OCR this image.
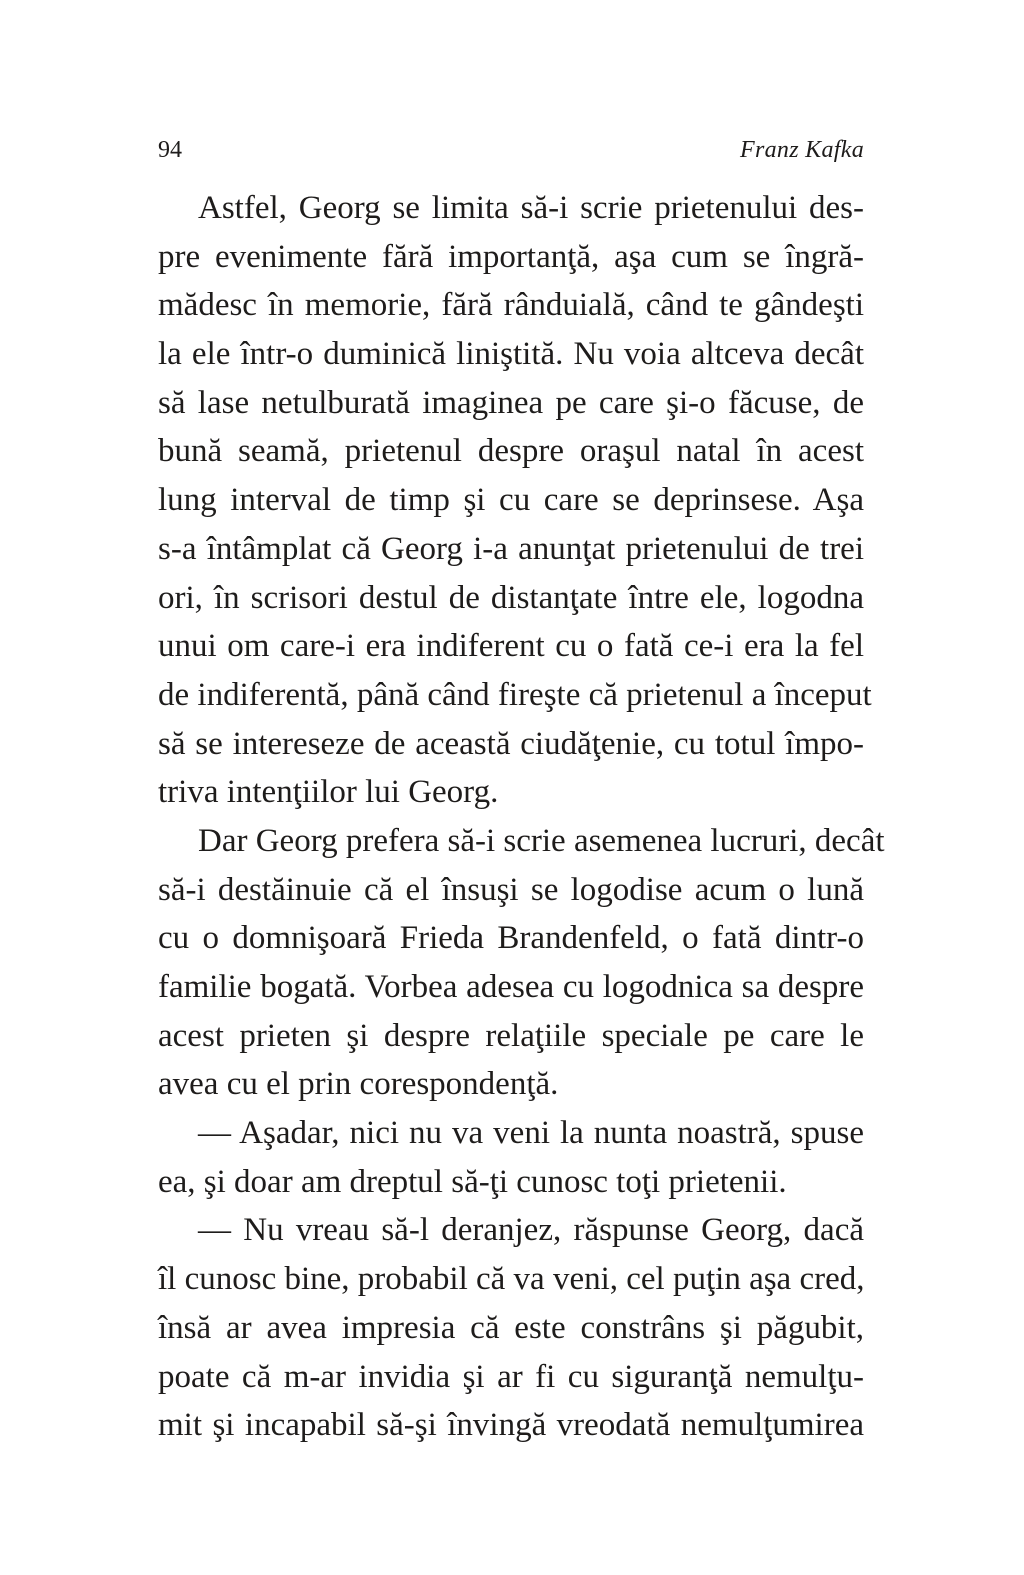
94	Franz Kafka
Astfel, Georg se limita să-i scrie prietenului des-
pre evenimente fără importanţă, aşa cum se îngră-
mădesc în memorie, fără rânduială, când te gândeşti
la ele într-o duminică liniştită. Nu voia altceva decât
să lase netulburată imaginea pe care şi-o făcuse, de
bună seamă, prietenul despre oraşul natal în acest
lung interval de timp şi cu care se deprinsese. Aşa
s-a întâmplat că Georg i-a anunţat prietenului de trei
ori, în scrisori destul de distanţate între ele, logodna
unui om care-i era indiferent cu o fată ce-i era la fel
de indiferentă, până când fireşte că prietenul a început
să se intereseze de această ciudăţenie, cu totul împo-
triva intenţiilor lui Georg.
Dar Georg prefera să-i scrie asemenea lucruri, decât
să-i destăinuie că el însuşi se logodise acum o lună
cu o domnişoară Frieda Brandenfeld, o fată dintr-o
familie bogată. Vorbea adesea cu logodnica sa despre
acest prieten şi despre relaţiile speciale pe care le
avea cu el prin corespondenţă.
— Aşadar, nici nu va veni la nunta noastră, spuse
ea, şi doar am dreptul să-ţi cunosc toţi prietenii.
— Nu vreau să-l deranjez, răspunse Georg, dacă
îl cunosc bine, probabil că va veni, cel puţin aşa cred,
însă ar avea impresia că este constrâns şi păgubit,
poate că m-ar invidia şi ar fi cu siguranţă nemulţu-
mit şi incapabil să-şi învingă vreodată nemulţumirea
